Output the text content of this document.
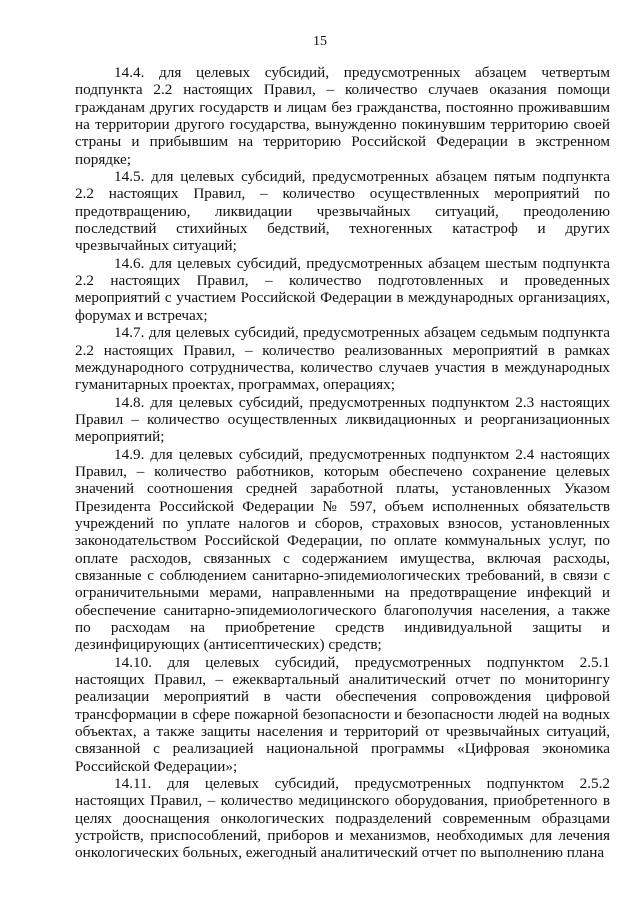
15

14.4. для целевых субсидий, предусмотренных абзацем четвертым подпункта 2.2 настоящих Правил, – количество случаев оказания помощи гражданам других государств и лицам без гражданства, постоянно проживавшим на территории другого государства, вынужденно покинувшим территорию своей страны и прибывшим на территорию Российской Федерации в экстренном порядке;

14.5. для целевых субсидий, предусмотренных абзацем пятым подпункта 2.2 настоящих Правил, – количество осуществленных мероприятий по предотвращению, ликвидации чрезвычайных ситуаций, преодолению последствий стихийных бедствий, техногенных катастроф и других чрезвычайных ситуаций;

14.6. для целевых субсидий, предусмотренных абзацем шестым подпункта 2.2 настоящих Правил, – количество подготовленных и проведенных мероприятий с участием Российской Федерации в международных организациях, форумах и встречах;

14.7. для целевых субсидий, предусмотренных абзацем седьмым подпункта 2.2 настоящих Правил, – количество реализованных мероприятий в рамках международного сотрудничества, количество случаев участия в международных гуманитарных проектах, программах, операциях;

14.8. для целевых субсидий, предусмотренных подпунктом 2.3 настоящих Правил – количество осуществленных ликвидационных и реорганизационных мероприятий;

14.9. для целевых субсидий, предусмотренных подпунктом 2.4 настоящих Правил, – количество работников, которым обеспечено сохранение целевых значений соотношения средней заработной платы, установленных Указом Президента Российской Федерации № 597, объем исполненных обязательств учреждений по уплате налогов и сборов, страховых взносов, установленных законодательством Российской Федерации, по оплате коммунальных услуг, по оплате расходов, связанных с содержанием имущества, включая расходы, связанные с соблюдением санитарно-эпидемиологических требований, в связи с ограничительными мерами, направленными на предотвращение инфекций и обеспечение санитарно-эпидемиологического благополучия населения, а также по расходам на приобретение средств индивидуальной защиты и дезинфицирующих (антисептических) средств;

14.10. для целевых субсидий, предусмотренных подпунктом 2.5.1 настоящих Правил, – ежеквартальный аналитический отчет по мониторингу реализации мероприятий в части обеспечения сопровождения цифровой трансформации в сфере пожарной безопасности и безопасности людей на водных объектах, а также защиты населения и территорий от чрезвычайных ситуаций, связанной с реализацией национальной программы «Цифровая экономика Российской Федерации»;

14.11. для целевых субсидий, предусмотренных подпунктом 2.5.2 настоящих Правил, – количество медицинского оборудования, приобретенного в целях дооснащения онкологических подразделений современным образцами устройств, приспособлений, приборов и механизмов, необходимых для лечения онкологических больных, ежегодный аналитический отчет по выполнению плана
